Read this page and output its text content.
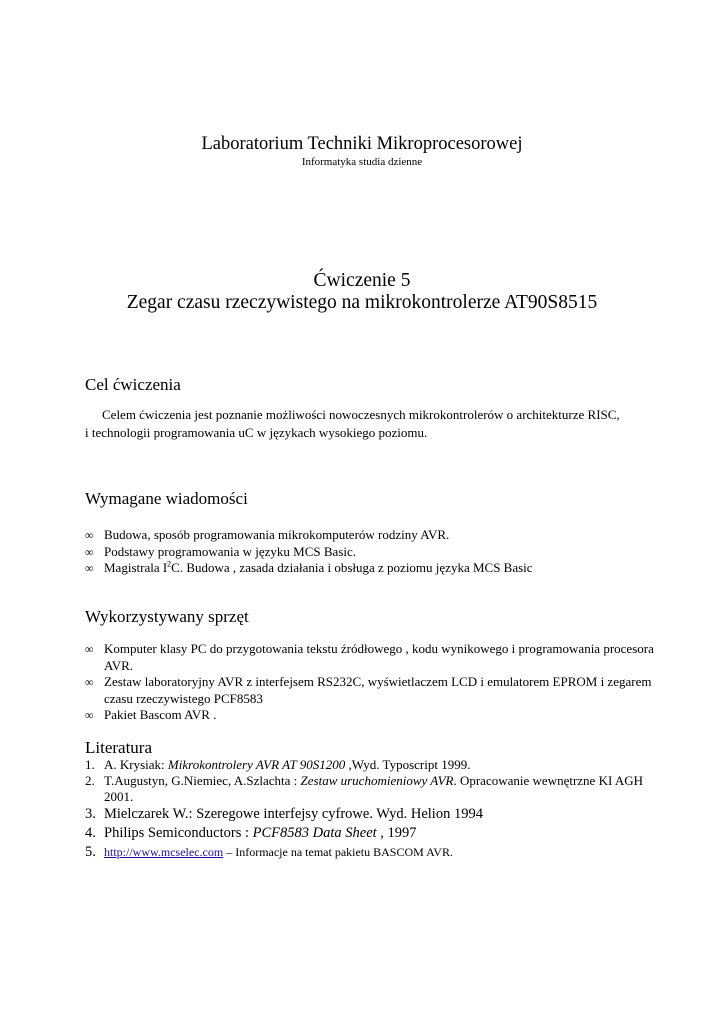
Laboratorium Techniki Mikroprocesorowej
Informatyka studia dzienne
Ćwiczenie 5
Zegar czasu rzeczywistego na mikrokontrolerze AT90S8515
Cel ćwiczenia
Celem ćwiczenia jest poznanie możliwości nowoczesnych mikrokontrolerów o architekturze RISC,
i technologii programowania uC w językach wysokiego poziomu.
Wymagane wiadomości
∞ Budowa, sposób programowania mikrokomputerów rodziny AVR.
∞ Podstawy programowania w języku MCS Basic.
∞ Magistrala $I^2C$. Budowa , zasada działania i obsługa z poziomu języka MCS Basic
Wykorzystywany sprzęt
∞ Komputer klasy PC do przygotowania tekstu źródłowego , kodu wynikowego i programowania procesora AVR.
∞ Zestaw laboratoryjny AVR z interfejsem RS232C, wyświetlaczem LCD i emulatorem EPROM i zegarem czasu rzeczywistego PCF8583
∞ Pakiet Bascom AVR .
Literatura
1. A. Krysiak: Mikrokontrolery AVR AT 90S1200 ,Wyd. Typoscript 1999.
2. T.Augustyn, G.Niemiec, A.Szlachta : Zestaw uruchomieniowy AVR. Opracowanie wewnętrzne KI AGH 2001.
3. Mielczarek W.: Szeregowe interfejsy cyfrowe. Wyd. Helion 1994
4. Philips Semiconductors : PCF8583 Data Sheet , 1997
5. http://www.mcselec.com – Informacje na temat pakietu BASCOM AVR.
